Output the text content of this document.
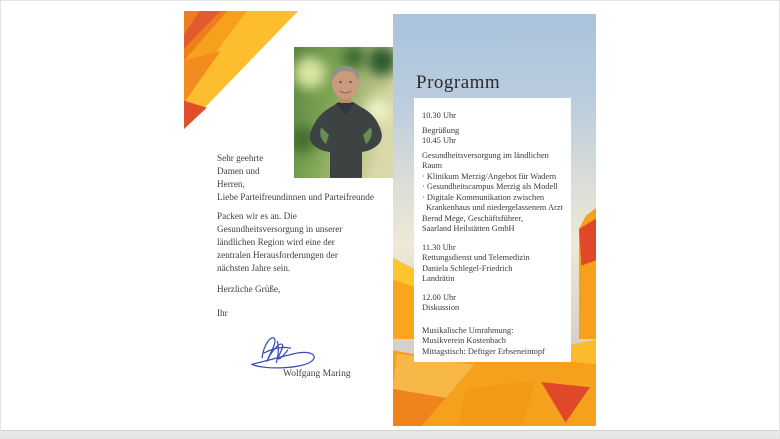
Sehr geehrte
Damen und
Herren,
Liebe Parteifreundinnen und Parteifreunde
Packen wir es an. Die
Gesundheitsversorgung in unserer
ländlichen Region wird eine der
zentralen Herausforderungen der
nächsten Jahre sein.
Herzliche Grüße,
Ihr
Wolfgang Maring
Programm
10.30 Uhr
Begrüßung
10.45 Uhr
Gesundheitsversorgung im ländlichen
Raum
· Klinikum Merzig/Angebot für Wadern
· Gesundheitscampus Merzig als Modell
· Digitale Kommunikation zwischen
Krankenhaus und niedergelassenem Arzt
Bernd Mege, Geschäftsführer,
Saarland Heilstätten GmbH
11.30 Uhr
Rettungsdienst und Telemedizin
Daniela Schlegel-Friedrich
Landrätin
12.00 Uhr
Diskussion
Musikalische Umrahmung:
Musikverein Kostenbach
Mittagstisch: Deftiger Erbseneintopf
